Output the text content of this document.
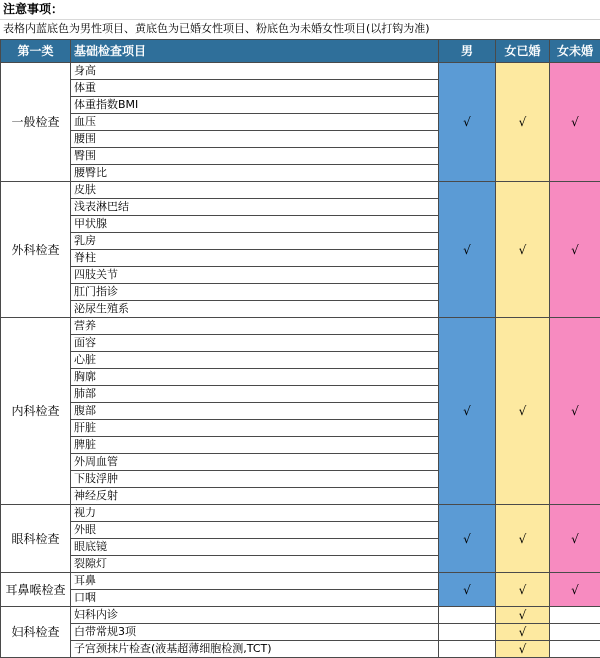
注意事项：
表格内蓝底色为男性项目、黄底色为已婚女性项目、粉底色为未婚女性项目(以打钩为准)
第一类	基础检查项目	男	女已婚	女未婚
一般检查	身高	√	√	√
	体重			
	体重指数BMI			
	血压			
	腰围			
	臀围			
	腰臀比			
外科检查	皮肤	√	√	√
	浅表淋巴结			
	甲状腺			
	乳房			
	脊柱			
	四肢关节			
	肛门指诊			
	泌尿生殖系			
内科检查	营养	√	√	√
	面容			
	心脏			
	胸廓			
	肺部			
	腹部			
	肝脏			
	脾脏			
	外周血管			
	下肢浮肿			
	神经反射			
眼科检查	视力	√	√	√
	外眼			
	眼底镜			
	裂隙灯			
耳鼻喉检查	耳鼻	√	√	√
	口咽			
妇科检查	妇科内诊		√	
	白带常规3项		√	
	子宫颈抹片检查(液基超薄细胞检测,TCT)		√	
